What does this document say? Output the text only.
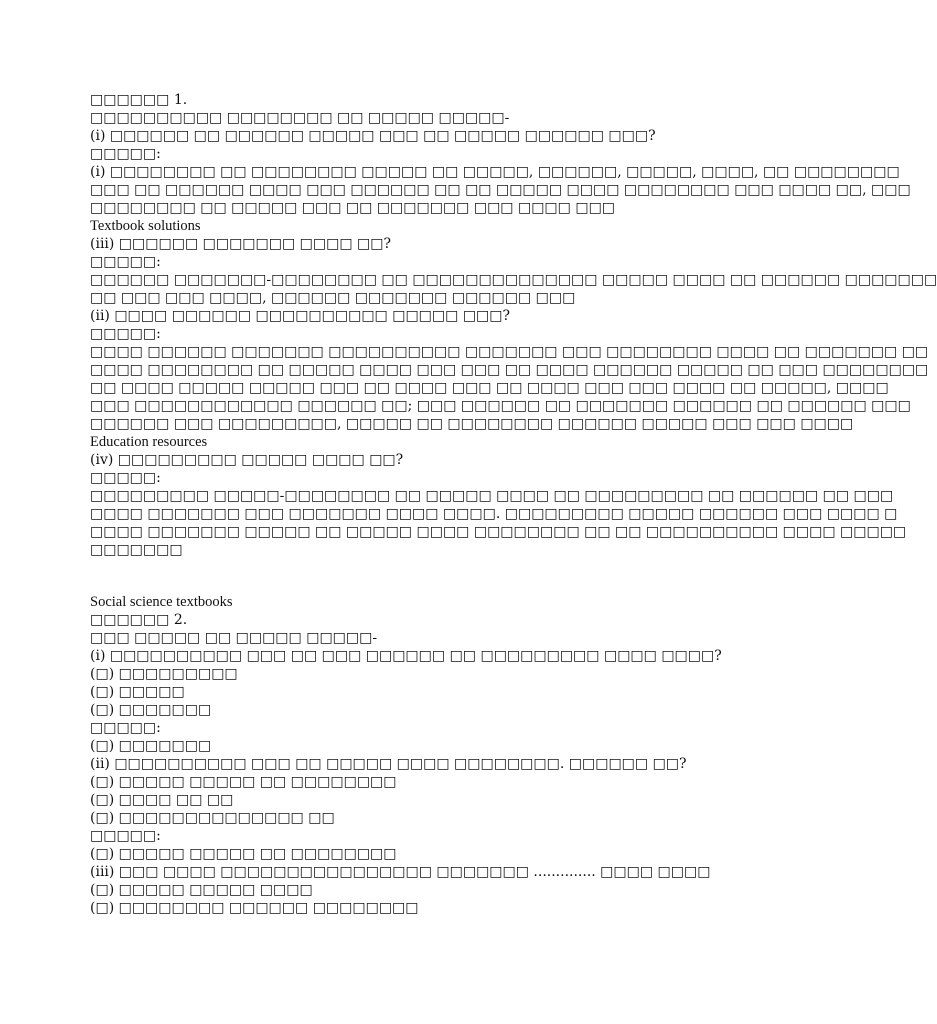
□□□□□□ 1.
□□□□□□□□□□ □□□□□□□□ □□ □□□□□ □□□□□-
(i) □□□□□□ □□ □□□□□□ □□□□□ □□□ □□ □□□□□ □□□□□□ □□□?
□□□□□:
(i) □□□□□□□□ □□ □□□□□□□□ □□□□□ □□ □□□□□, □□□□□□, □□□□□, □□□□, □□ □□□□□□□□
□□□ □□ □□□□□□ □□□□ □□□ □□□□□□ □□ □□ □□□□□ □□□□ □□□□□□□□ □□□ □□□□ □□, □□□
□□□□□□□□ □□ □□□□□ □□□ □□ □□□□□□□ □□□ □□□□ □□□
Textbook solutions
(iii) □□□□□□ □□□□□□□ □□□□ □□?
□□□□□:
□□□□□□ □□□□□□□-□□□□□□□□ □□ □□□□□□□□□□□□□□ □□□□□ □□□□ □□ □□□□□□ □□□□□□□
□□ □□□ □□□ □□□□, □□□□□□ □□□□□□□ □□□□□□ □□□
(ii) □□□□ □□□□□□ □□□□□□□□□□ □□□□□ □□□?
□□□□□:
□□□□ □□□□□□ □□□□□□□ □□□□□□□□□□ □□□□□□□ □□□ □□□□□□□□ □□□□ □□ □□□□□□□ □□
□□□□ □□□□□□□□ □□ □□□□□ □□□□ □□□ □□□ □□ □□□□ □□□□□□ □□□□□ □□ □□□ □□□□□□□□
□□ □□□□ □□□□□ □□□□□ □□□ □□ □□□□ □□□ □□ □□□□ □□□ □□□ □□□□ □□ □□□□□, □□□□
□□□ □□□□□□□□□□□□ □□□□□□ □□; □□□ □□□□□□ □□ □□□□□□□ □□□□□□ □□ □□□□□□ □□□
□□□□□□ □□□ □□□□□□□□□, □□□□□ □□ □□□□□□□□ □□□□□□ □□□□□ □□□ □□□ □□□□
Education resources
(iv) □□□□□□□□□ □□□□□ □□□□ □□?
□□□□□:
□□□□□□□□□ □□□□□-□□□□□□□□ □□ □□□□□ □□□□ □□ □□□□□□□□□ □□ □□□□□□ □□ □□□
□□□□ □□□□□□□ □□□ □□□□□□□ □□□□ □□□□. □□□□□□□□□ □□□□□ □□□□□□ □□□ □□□□ □
□□□□ □□□□□□□ □□□□□ □□ □□□□□ □□□□ □□□□□□□□ □□ □□ □□□□□□□□□□ □□□□ □□□□□
□□□□□□□
Social science textbooks
□□□□□□ 2.
□□□ □□□□□ □□ □□□□□ □□□□□-
(i) □□□□□□□□□□ □□□ □□ □□□ □□□□□□ □□ □□□□□□□□□ □□□□ □□□□?
(□) □□□□□□□□□
(□) □□□□□
(□) □□□□□□□
□□□□□:
(□) □□□□□□□
(ii) □□□□□□□□□□ □□□ □□ □□□□□ □□□□ □□□□□□□□. □□□□□□ □□?
(□) □□□□□ □□□□□ □□ □□□□□□□□
(□) □□□□ □□ □□
(□) □□□□□□□□□□□□□□ □□
□□□□□:
(□) □□□□□ □□□□□ □□ □□□□□□□□
(iii) □□□ □□□□ □□□□□□□□□□□□□□□□ □□□□□□□ .............. □□□□ □□□□
(□) □□□□□ □□□□□ □□□□
(□) □□□□□□□□ □□□□□□ □□□□□□□□
